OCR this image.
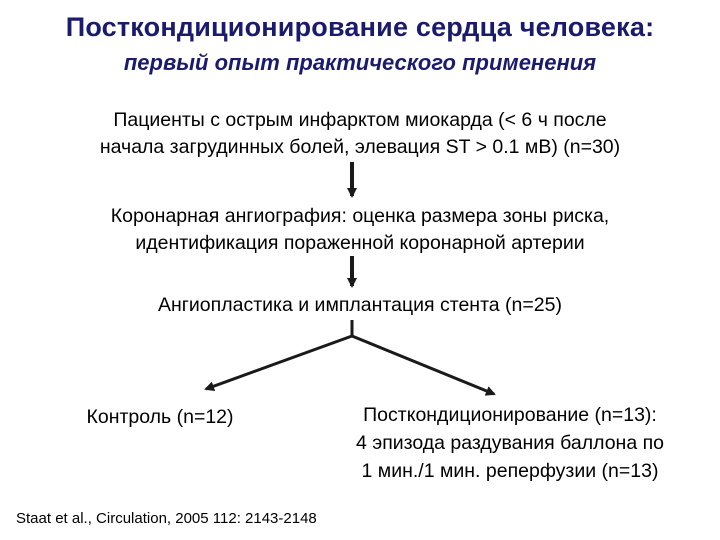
Посткондиционирование сердца человека:
первый опыт практического применения
Пациенты с острым инфарктом миокарда (< 6 ч после
начала загрудинных болей, элевация ST > 0.1 мВ) (n=30)
Коронарная ангиография: оценка размера зоны риска,
идентификация пораженной коронарной артерии
Ангиопластика и имплантация стента (n=25)
Контроль (n=12)	Посткондиционирование (n=13):
4 эпизода раздувания баллона по
1 мин./1 мин. реперфузии (n=13)
Staat et al., Circulation, 2005 112: 2143-2148
